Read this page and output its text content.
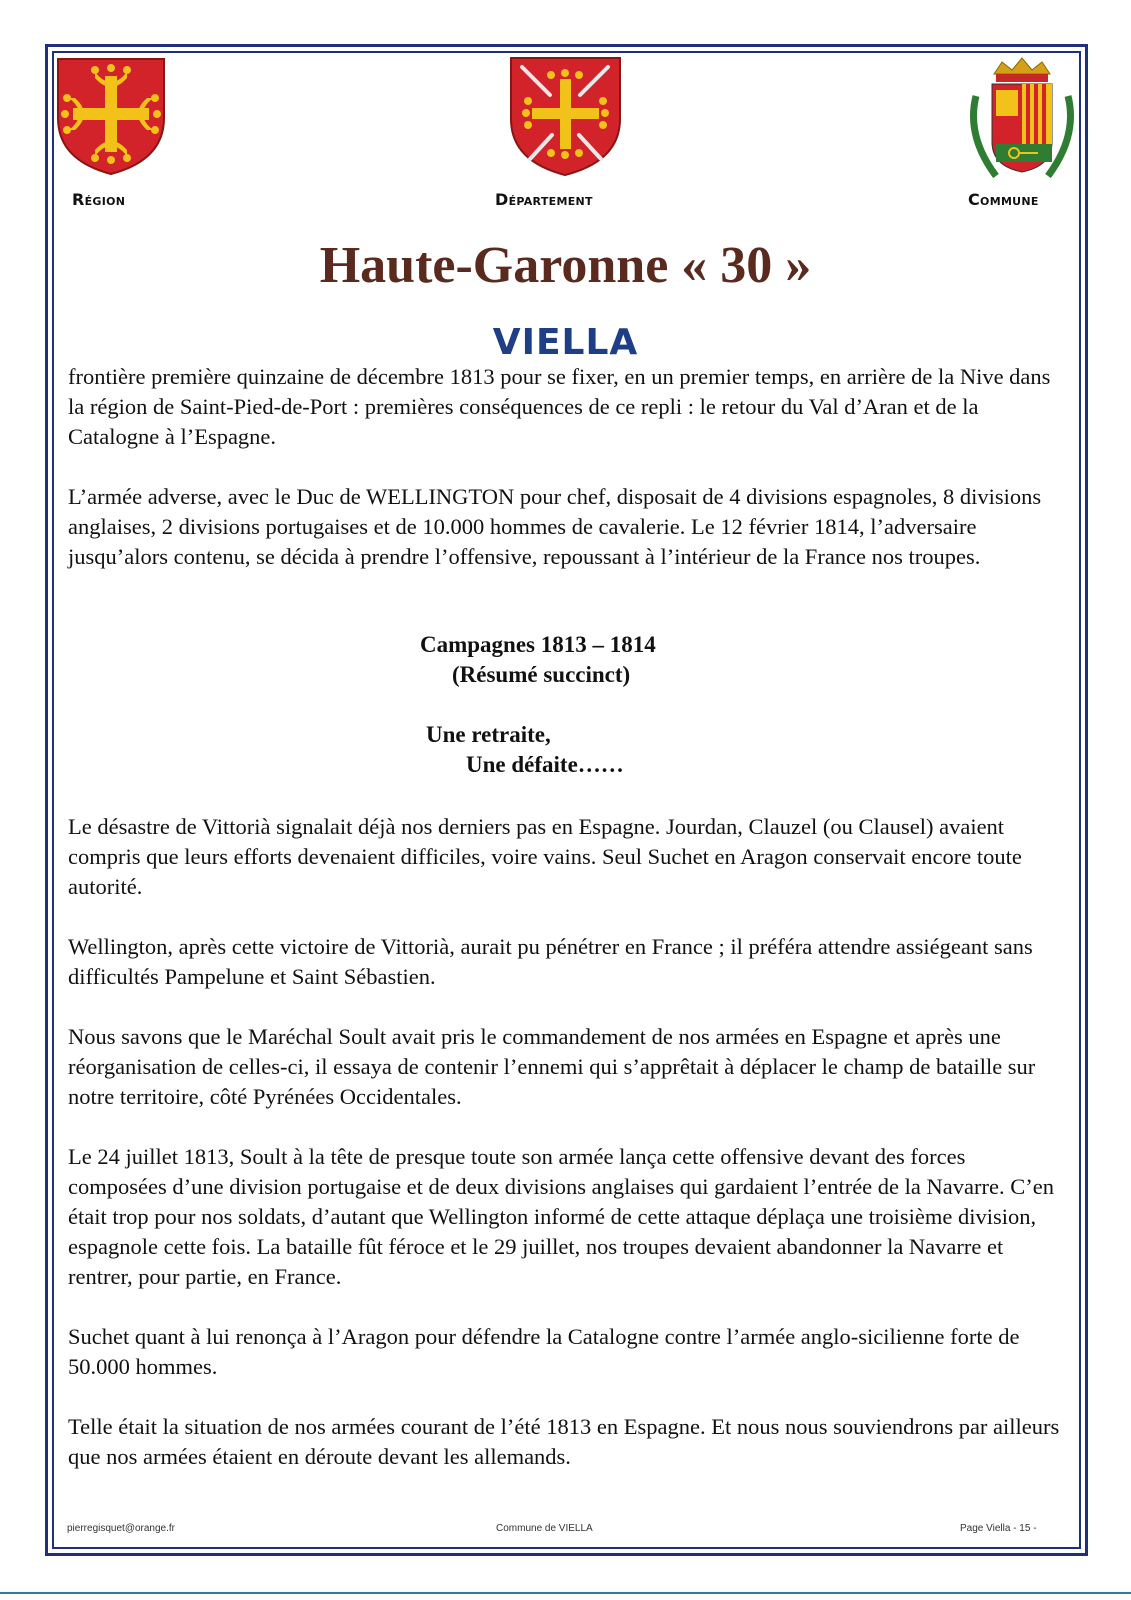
Région	Département	Commune
Haute-Garonne « 30 »
VIELLA

frontière première quinzaine de décembre 1813 pour se fixer, en un premier temps, en arrière de la Nive dans la région de Saint-Pied-de-Port : premières conséquences de ce repli : le retour du Val d’Aran et de la Catalogne à l’Espagne.

L’armée adverse, avec le Duc de WELLINGTON pour chef, disposait de 4 divisions espagnoles, 8 divisions anglaises, 2 divisions portugaises et de 10.000 hommes de cavalerie. Le 12 février 1814, l’adversaire jusqu’alors contenu, se décida à prendre l’offensive, repoussant à l’intérieur de la France nos troupes.

Campagnes 1813 – 1814
(Résumé succinct)
Une retraite,
Une défaite……

Le désastre de Vittorià signalait déjà nos derniers pas en Espagne. Jourdan, Clauzel (ou Clausel) avaient compris que leurs efforts devenaient difficiles, voire vains. Seul Suchet en Aragon conservait encore toute autorité.

Wellington, après cette victoire de Vittorià, aurait pu pénétrer en France ; il préféra attendre assiégeant sans difficultés Pampelune et Saint Sébastien.

Nous savons que le Maréchal Soult avait pris le commandement de nos armées en Espagne et après une réorganisation de celles-ci, il essaya de contenir l’ennemi qui s’apprêtait à déplacer le champ de bataille sur notre territoire, côté Pyrénées Occidentales.

Le 24 juillet 1813, Soult à la tête de presque toute son armée lança cette offensive devant des forces composées d’une division portugaise et de deux divisions anglaises qui gardaient l’entrée de la Navarre. C’en était trop pour nos soldats, d’autant que Wellington informé de cette attaque déplaça une troisième division, espagnole cette fois. La bataille fût féroce et le 29 juillet, nos troupes devaient abandonner la Navarre et rentrer, pour partie, en France.

Suchet quant à lui renonça à l’Aragon pour défendre la Catalogne contre l’armée anglo-sicilienne forte de 50.000 hommes.

Telle était la situation de nos armées courant de l’été 1813 en Espagne. Et nous nous souviendrons par ailleurs que nos armées étaient en déroute devant les allemands.

pierregisquet@orange.fr	Commune de VIELLA	Page Viella - 15 -
